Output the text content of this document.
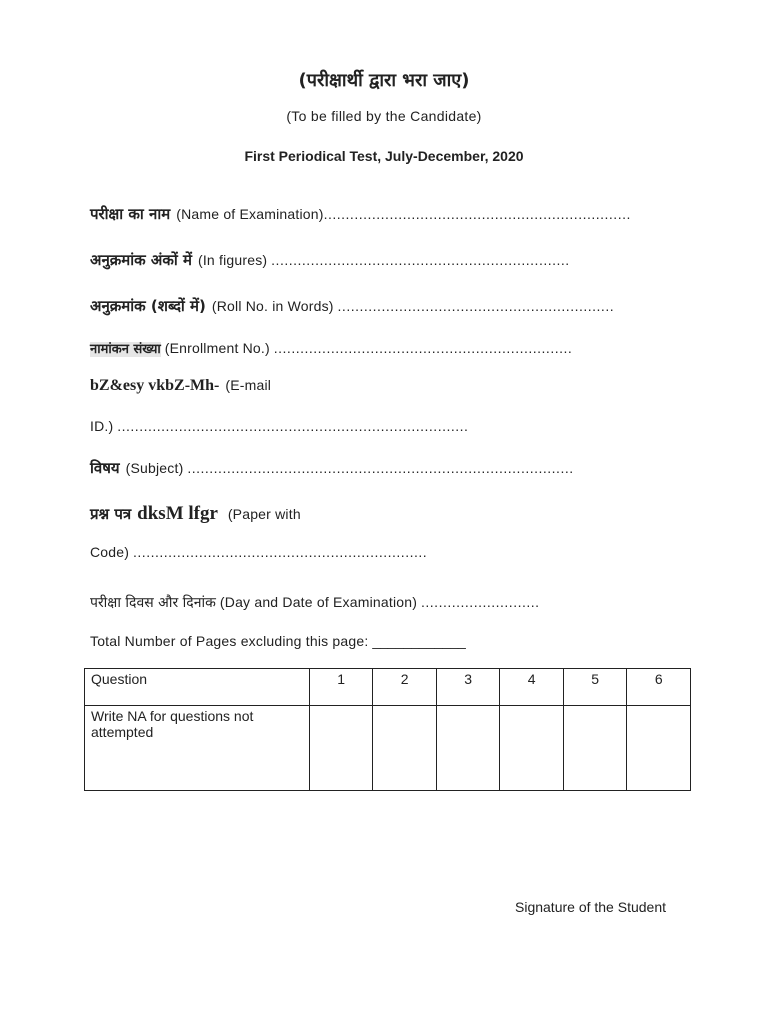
(परीक्षार्थी द्वारा भरा जाए)
(To be filled by the Candidate)
First Periodical Test, July-December, 2020
परीक्षा का नाम (Name of Examination)......................................................................
अनुक्रमांक अंकों में (In figures) ....................................................................
अनुक्रमांक (शब्दों में) (Roll No. in Words) ...............................................................
नामांकन संख्या (Enrollment No.) ....................................................................
bZ&esy vkbZ-Mh- (E-mail
ID.) ................................................................................
विषय (Subject) ........................................................................................
प्रश्न पत्र dksM lfgr (Paper with
Code) ...................................................................
परीक्षा दिवस और दिनांक (Day and Date of Examination) ...........................
Total Number of Pages excluding this page: ____________
Question	1	2	3	4	5	6
Write NA for questions not attempted						
Signature of the Student
